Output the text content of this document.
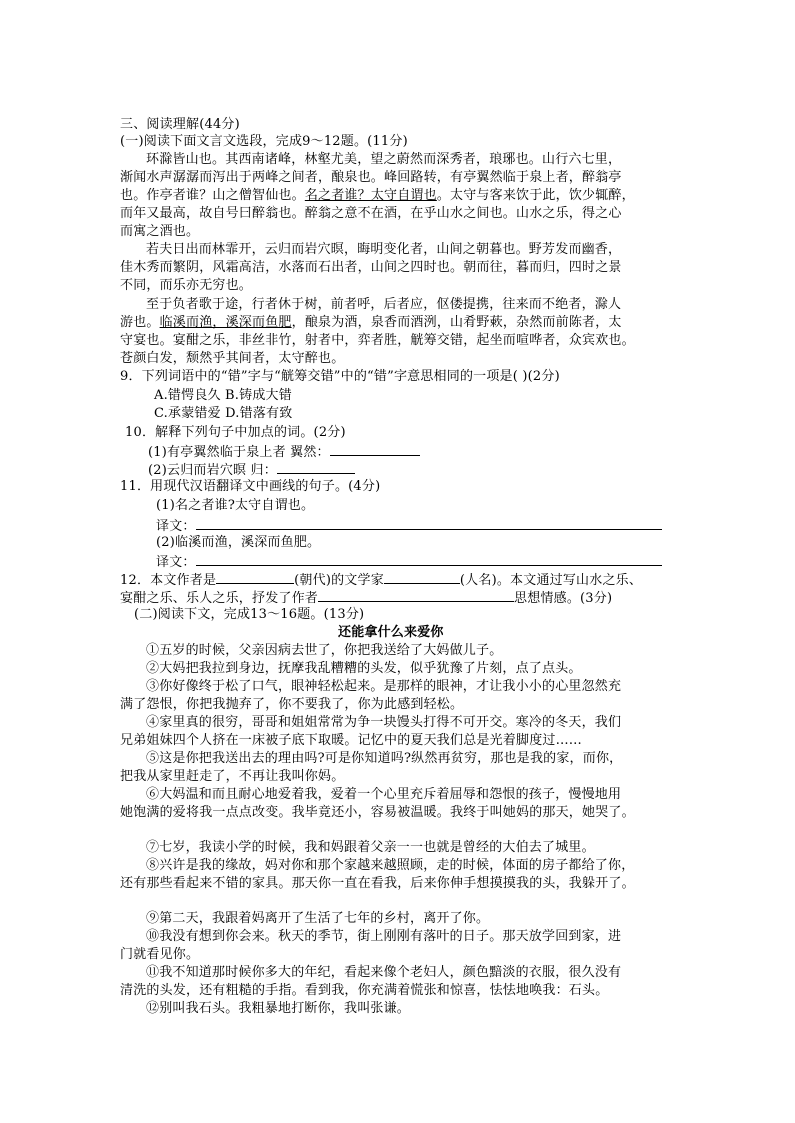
三、阅读理解(44分)
(一)阅读下面文言文选段，完成9～12题。(11分)
环滁皆山也。其西南诸峰，林壑尤美，望之蔚然而深秀者，琅琊也。山行六七里，
渐闻水声潺潺而泻出于两峰之间者，酿泉也。峰回路转，有亭翼然临于泉上者，醉翁亭
也。作亭者谁？山之僧智仙也。名之者谁？太守自谓也。太守与客来饮于此，饮少辄醉，
而年又最高，故自号曰醉翁也。醉翁之意不在酒，在乎山水之间也。山水之乐，得之心
而寓之酒也。
若夫日出而林霏开，云归而岩穴暝，晦明变化者，山间之朝暮也。野芳发而幽香，
佳木秀而繁阴，风霜高洁，水落而石出者，山间之四时也。朝而往，暮而归，四时之景
不同，而乐亦无穷也。
至于负者歌于途，行者休于树，前者呼，后者应，伛偻提携，往来而不绝者，滁人
游也。临溪而渔，溪深而鱼肥，酿泉为酒，泉香而酒洌，山肴野蔌，杂然而前陈者，太
守宴也。宴酣之乐，非丝非竹，射者中，弈者胜，觥筹交错，起坐而喧哗者，众宾欢也。
苍颜白发，颓然乎其间者，太守醉也。
9．下列词语中的“错”字与“觥筹交错”中的“错”字意思相同的一项是( )(2分)
A.错愕良久 B.铸成大错
C.承蒙错爱 D.错落有致
10．解释下列句子中加点的词。(2分)
(1)有亭翼然临于泉上者 翼然：
(2)云归而岩穴暝 归：
11．用现代汉语翻译文中画线的句子。(4分)
(1)名之者谁?太守自谓也。
译文：
(2)临溪而渔，溪深而鱼肥。
译文：
12．本文作者是	(朝代)的文学家	(人名)。本文通过写山水之乐、
宴酣之乐、乐人之乐，抒发了作者	思想情感。(3分)
(二)阅读下文，完成13～16题。(13分)
还能拿什么来爱你
①五岁的时候，父亲因病去世了，你把我送给了大妈做儿子。
②大妈把我拉到身边，抚摩我乱糟糟的头发，似乎犹豫了片刻，点了点头。
③你好像终于松了口气，眼神轻松起来。是那样的眼神，才让我小小的心里忽然充
满了怨恨，你把我抛弃了，你不要我了，你为此感到轻松。
④家里真的很穷，哥哥和姐姐常常为争一块馒头打得不可开交。寒冷的冬天，我们
兄弟姐妹四个人挤在一床被子底下取暖。记忆中的夏天我们总是光着脚度过……
⑤这是你把我送出去的理由吗?可是你知道吗?纵然再贫穷，那也是我的家，而你，
把我从家里赶走了，不再让我叫你妈。
⑥大妈温和而且耐心地爱着我，爱着一个心里充斥着屈辱和怨恨的孩子，慢慢地用
她饱满的爱将我一点点改变。我毕竟还小，容易被温暖。我终于叫她妈的那天，她哭了。
⑦七岁，我读小学的时候，我和妈跟着父亲一一也就是曾经的大伯去了城里。
⑧兴许是我的缘故，妈对你和那个家越来越照顾，走的时候，体面的房子都给了你，
还有那些看起来不错的家具。那天你一直在看我，后来你伸手想摸摸我的头，我躲开了。
⑨第二天，我跟着妈离开了生活了七年的乡村，离开了你。
⑩我没有想到你会来。秋天的季节，街上刚刚有落叶的日子。那天放学回到家，进
门就看见你。
⑪我不知道那时候你多大的年纪，看起来像个老妇人，颜色黯淡的衣服，很久没有
清洗的头发，还有粗糙的手指。看到我，你充满着慌张和惊喜，怯怯地唤我：石头。
⑫别叫我石头。我粗暴地打断你，我叫张谦。
